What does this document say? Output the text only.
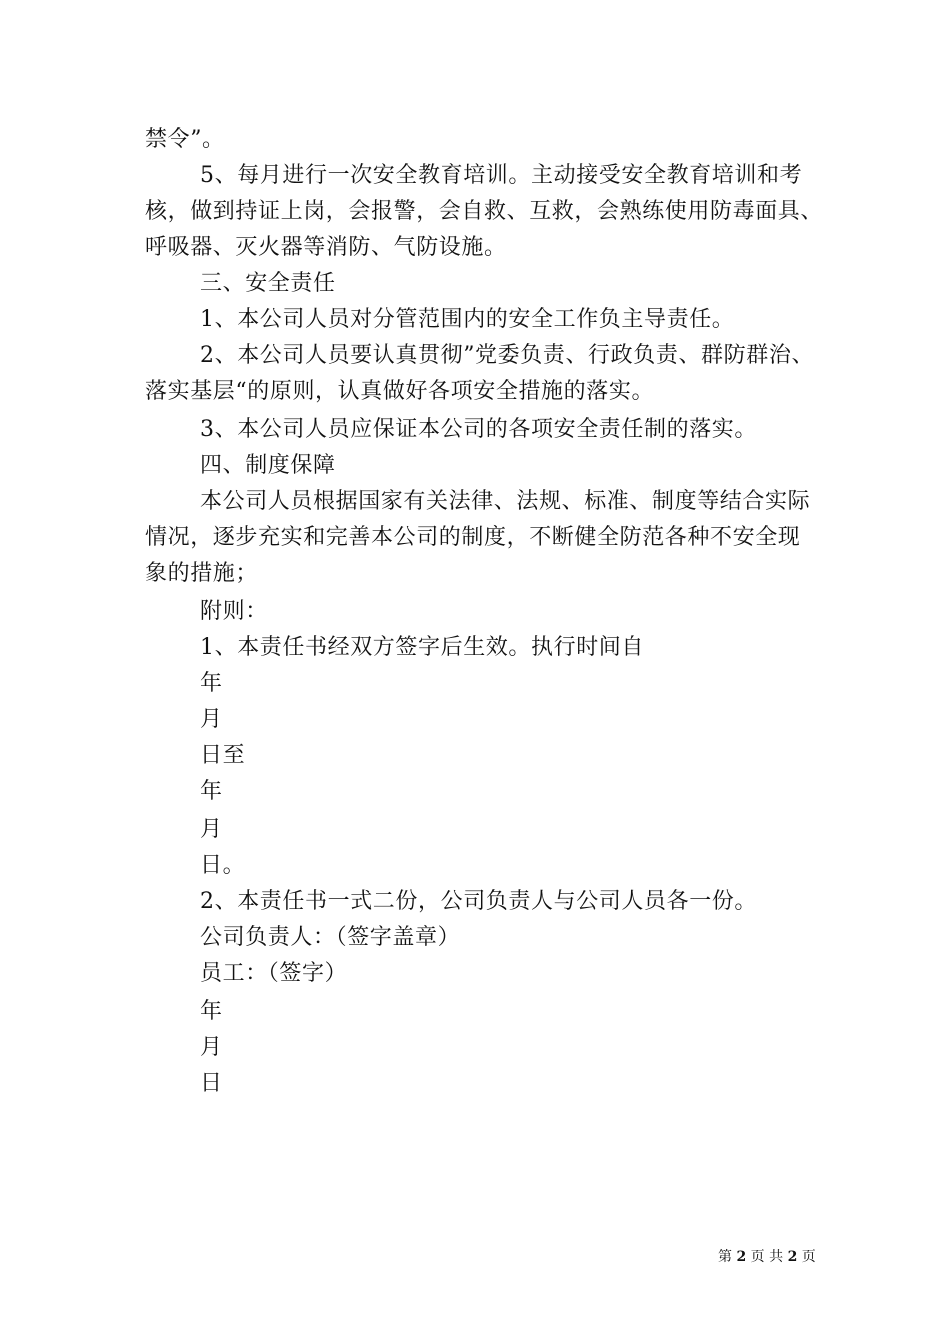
禁令”。
5、每月进行一次安全教育培训。主动接受安全教育培训和考
核，做到持证上岗，会报警，会自救、互救，会熟练使用防毒面具、
呼吸器、灭火器等消防、气防设施。
三、安全责任
1、本公司人员对分管范围内的安全工作负主导责任。
2、本公司人员要认真贯彻”党委负责、行政负责、群防群治、
落实基层“的原则，认真做好各项安全措施的落实。
3、本公司人员应保证本公司的各项安全责任制的落实。
四、制度保障
本公司人员根据国家有关法律、法规、标准、制度等结合实际
情况，逐步充实和完善本公司的制度，不断健全防范各种不安全现
象的措施；
附则：
1、本责任书经双方签字后生效。执行时间自
年
月
日至
年
月
日。
2、本责任书一式二份，公司负责人与公司人员各一份。
公司负责人：（签字盖章）
员工：（签字）
年
月
日
第 2 页 共 2 页
